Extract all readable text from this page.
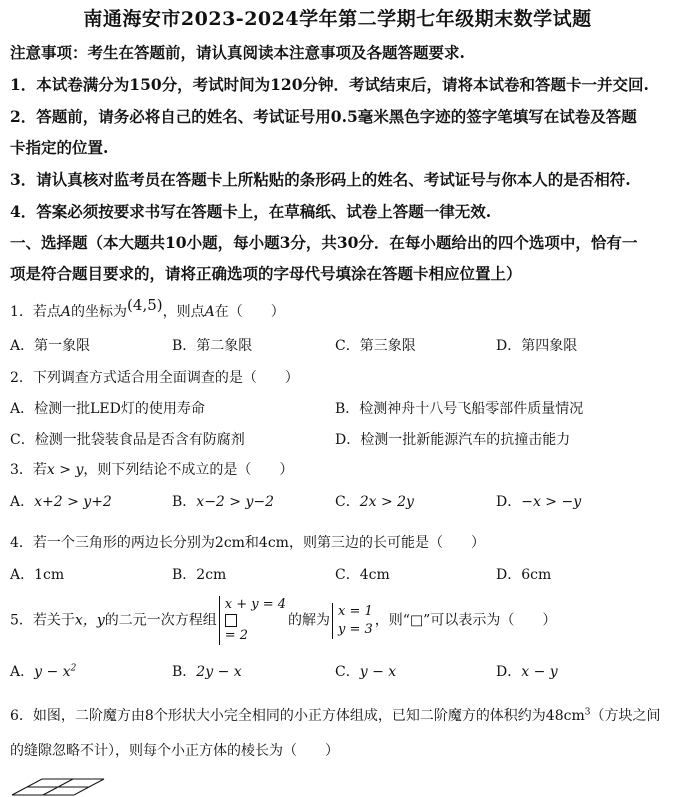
南通海安市2023-2024学年第二学期七年级期末数学试题
注意事项：考生在答题前，请认真阅读本注意事项及各题答题要求.
1．本试卷满分为150分，考试时间为120分钟．考试结束后，请将本试卷和答题卡一并交回.
2．答题前，请务必将自己的姓名、考试证号用0.5毫米黑色字迹的签字笔填写在试卷及答题
卡指定的位置.
3．请认真核对监考员在答题卡上所粘贴的条形码上的姓名、考试证号与你本人的是否相符.
4．答案必须按要求书写在答题卡上，在草稿纸、试卷上答题一律无效.
一、选择题（本大题共10小题，每小题3分，共30分．在每小题给出的四个选项中，恰有一
项是符合题目要求的，请将正确选项的字母代号填涂在答题卡相应位置上）
1．若点A的坐标为(4,5)，则点A在（　　）
A．第一象限	B．第二象限	C．第三象限	D．第四象限
2．下列调查方式适合用全面调查的是（　　）
A．检测一批LED灯的使用寿命	B．检测神舟十八号飞船零部件质量情况
C．检测一批袋装食品是否含有防腐剂	D．检测一批新能源汽车的抗撞击能力
3．若x > y，则下列结论不成立的是（　　）
A．x+2 > y+2	B．x−2 > y−2	C．2x > 2y	D．−x > −y
4．若一个三角形的两边长分别为2cm和4cm，则第三边的长可能是（　　）
A．1cm	B．2cm	C．4cm	D．6cm
5．若关于x，y的二元一次方程组
x + y = 4
= 2
的解为
x = 1
y = 3
，则“□”可以表示为（　　）
A．$y - x^2$	B．2y − x	C．y − x	D．x − y
6．如图，二阶魔方由8个形状大小完全相同的小正方体组成，已知二阶魔方的体积约为$48cm^3$（方块之间
的缝隙忽略不计），则每个小正方体的棱长为（　　）
